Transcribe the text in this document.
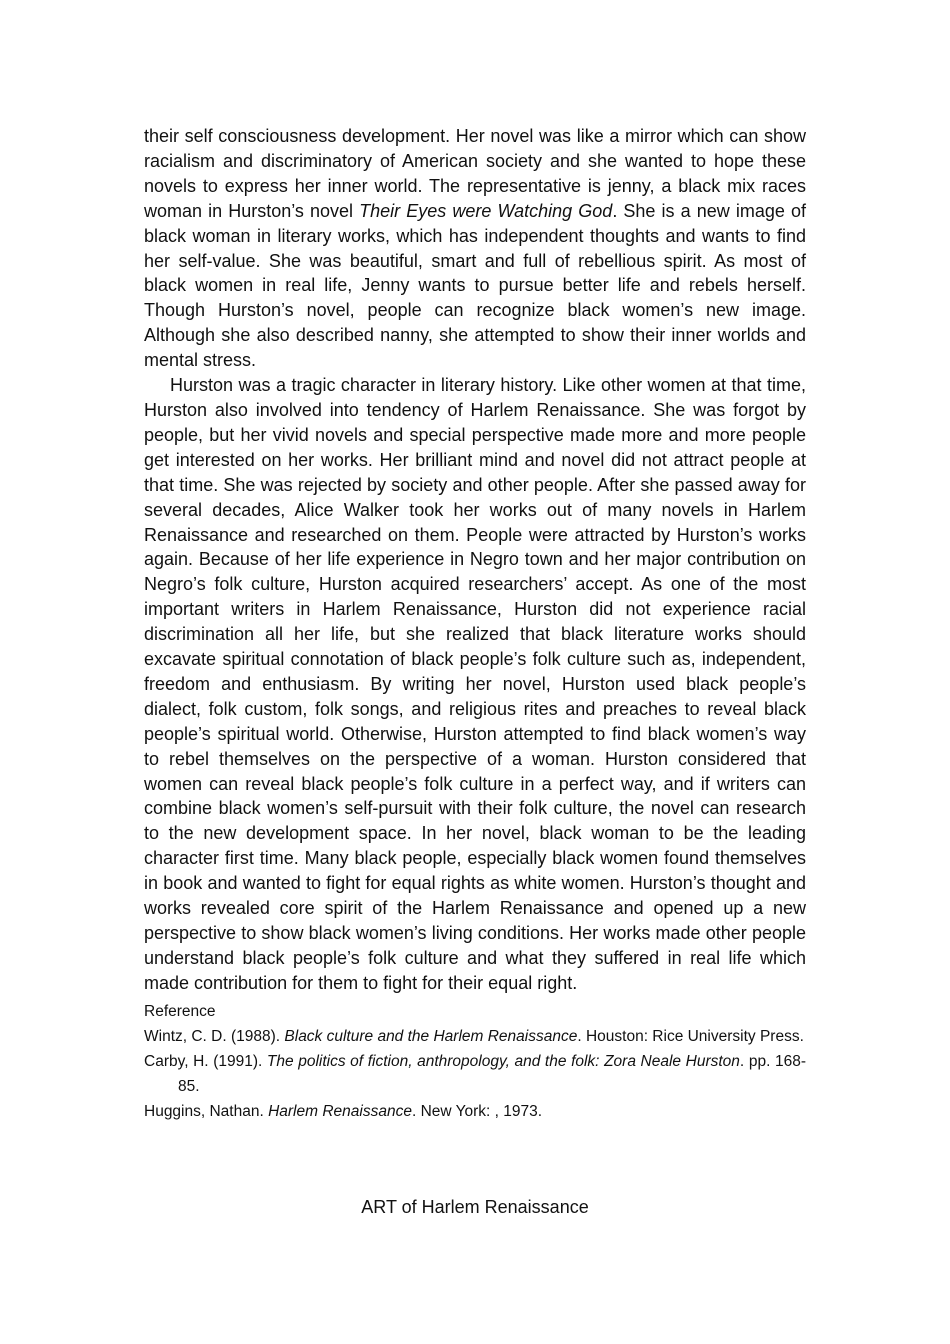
their self consciousness development. Her novel was like a mirror which can show racialism and discriminatory of American society and she wanted to hope these novels to express her inner world. The representative is jenny, a black mix races woman in Hurston’s novel Their Eyes were Watching God. She is a new image of black woman in literary works, which has independent thoughts and wants to find her self-value. She was beautiful, smart and full of rebellious spirit. As most of black women in real life, Jenny wants to pursue better life and rebels herself. Though Hurston’s novel, people can recognize black women’s new image. Although she also described nanny, she attempted to show their inner worlds and mental stress.

Hurston was a tragic character in literary history. Like other women at that time, Hurston also involved into tendency of Harlem Renaissance. She was forgot by people, but her vivid novels and special perspective made more and more people get interested on her works. Her brilliant mind and novel did not attract people at that time. She was rejected by society and other people. After she passed away for several decades, Alice Walker took her works out of many novels in Harlem Renaissance and researched on them. People were attracted by Hurston’s works again. Because of her life experience in Negro town and her major contribution on Negro’s folk culture, Hurston acquired researchers’ accept. As one of the most important writers in Harlem Renaissance, Hurston did not experience racial discrimination all her life, but she realized that black literature works should excavate spiritual connotation of black people’s folk culture such as, independent, freedom and enthusiasm. By writing her novel, Hurston used black people’s dialect, folk custom, folk songs, and religious rites and preaches to reveal black people’s spiritual world. Otherwise, Hurston attempted to find black women’s way to rebel themselves on the perspective of a woman. Hurston considered that women can reveal black people’s folk culture in a perfect way, and if writers can combine black women’s self-pursuit with their folk culture, the novel can research to the new development space. In her novel, black woman to be the leading character first time. Many black people, especially black women found themselves in book and wanted to fight for equal rights as white women. Hurston’s thought and works revealed core spirit of the Harlem Renaissance and opened up a new perspective to show black women’s living conditions. Her works made other people understand black people’s folk culture and what they suffered in real life which made contribution for them to fight for their equal right.

Reference

Wintz, C. D. (1988). Black culture and the Harlem Renaissance. Houston: Rice University Press.

Carby, H. (1991). The politics of fiction, anthropology, and the folk: Zora Neale Hurston. pp. 168-85.

Huggins, Nathan. Harlem Renaissance. New York: , 1973.

ART of Harlem Renaissance
